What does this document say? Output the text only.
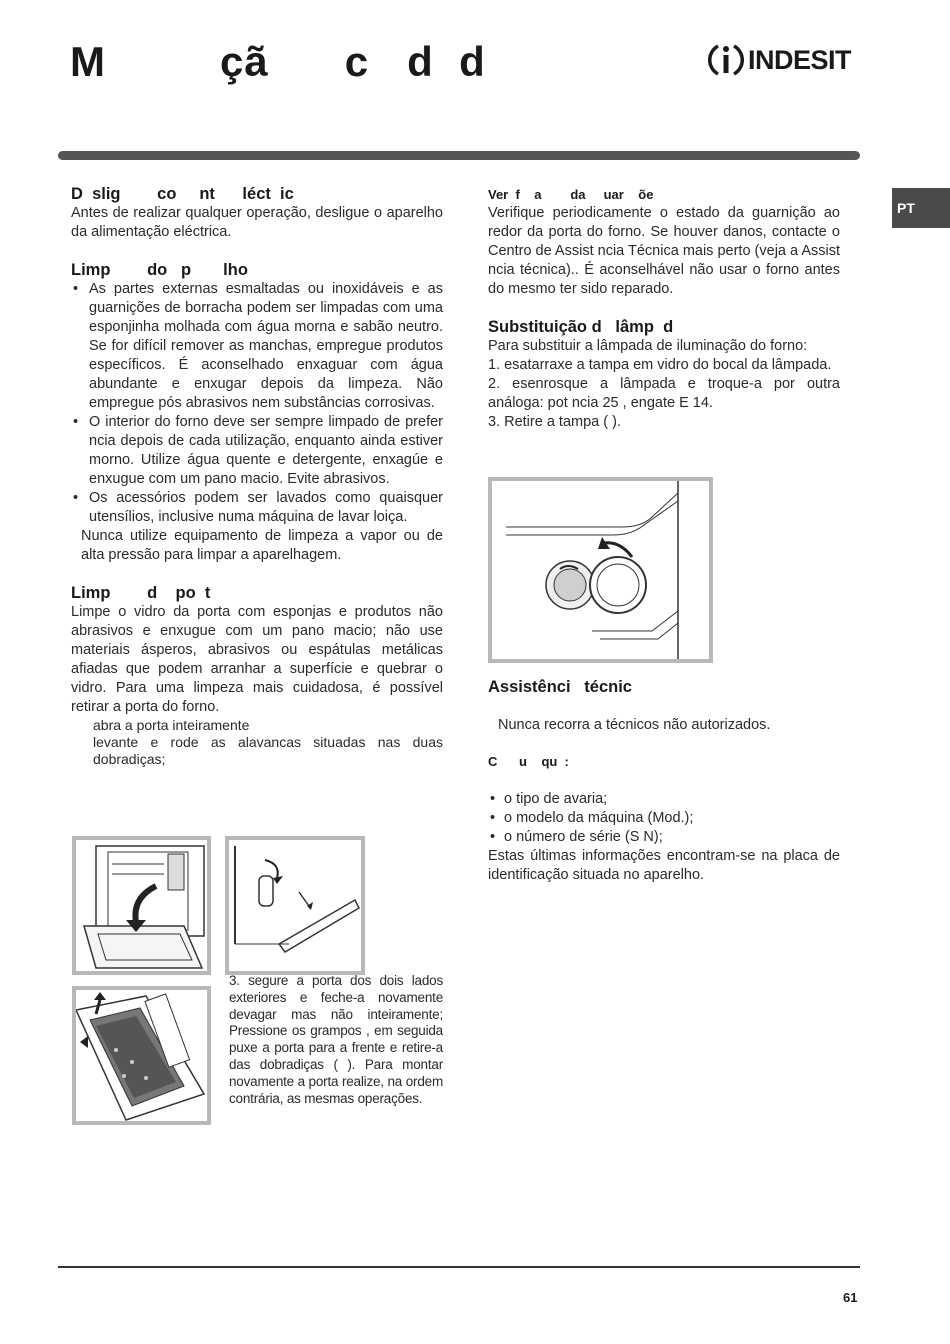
M         çã      c   d  d	INDESIT
PT
D  slig        co     nt      léct  ic

Antes de realizar qualquer operação, desligue o aparelho da alimentação eléctrica.

Limp        do   p       lho
• As partes externas esmaltadas ou inoxidáveis e as guarnições de borracha podem ser limpadas com uma esponjinha molhada com água morna e sabão neutro. Se for difícil remover as manchas, empregue produtos específicos. É aconselhado enxaguar com água abundante e enxugar depois da limpeza. Não empregue pós abrasivos nem substâncias corrosivas.
• O interior do forno deve ser sempre limpado de prefer ncia depois de cada utilização, enquanto ainda estiver morno. Utilize água quente e detergente, enxagúe e enxugue com um pano macio. Evite abrasivos.
• Os acessórios podem ser lavados como quaisquer utensílios, inclusive numa máquina de lavar loiça.

Nunca utilize equipamento de limpeza a vapor ou de alta pressão para limpar a aparelhagem.

Limp        d    po  t

Limpe o vidro da porta com esponjas e produtos não abrasivos e enxugue com um pano macio; não use materiais ásperos, abrasivos ou espátulas metálicas afiadas que podem arranhar a superfície e quebrar o vidro. Para uma limpeza mais cuidadosa, é possível retirar a porta do forno.

abra a porta inteiramente

levante e rode as alavancas situadas nas duas dobradiças;

3. segure a porta dos dois lados exteriores e feche-a novamente devagar mas não inteiramente; Pressione os grampos , em seguida puxe a porta para a frente e retire-a das dobradiças ( ). Para montar novamente a porta realize, na ordem contrária, as mesmas operações.
Ver  f    a        da     uar    õe

Verifique periodicamente o estado da guarnição ao redor da porta do forno. Se houver danos, contacte o Centro de Assist ncia Técnica mais perto (veja a Assist ncia técnica).. É aconselhável não usar o forno antes do mesmo ter sido reparado.

Substituição d   lâmp  d

Para substituir a lâmpada de iluminação do forno:

1. esatarraxe a tampa em vidro do bocal da lâmpada.

2. esenrosque a lâmpada e troque-a por outra análoga: pot ncia 25 , engate E 14.

3. Retire a tampa ( ).

Assistênci   técnic

Nunca recorra a técnicos não autorizados.

C      u    qu  :
• o tipo de avaria;
• o modelo da máquina (Mod.);
• o número de série (S N);

Estas últimas informações encontram-se na placa de identificação situada no aparelho.

61
